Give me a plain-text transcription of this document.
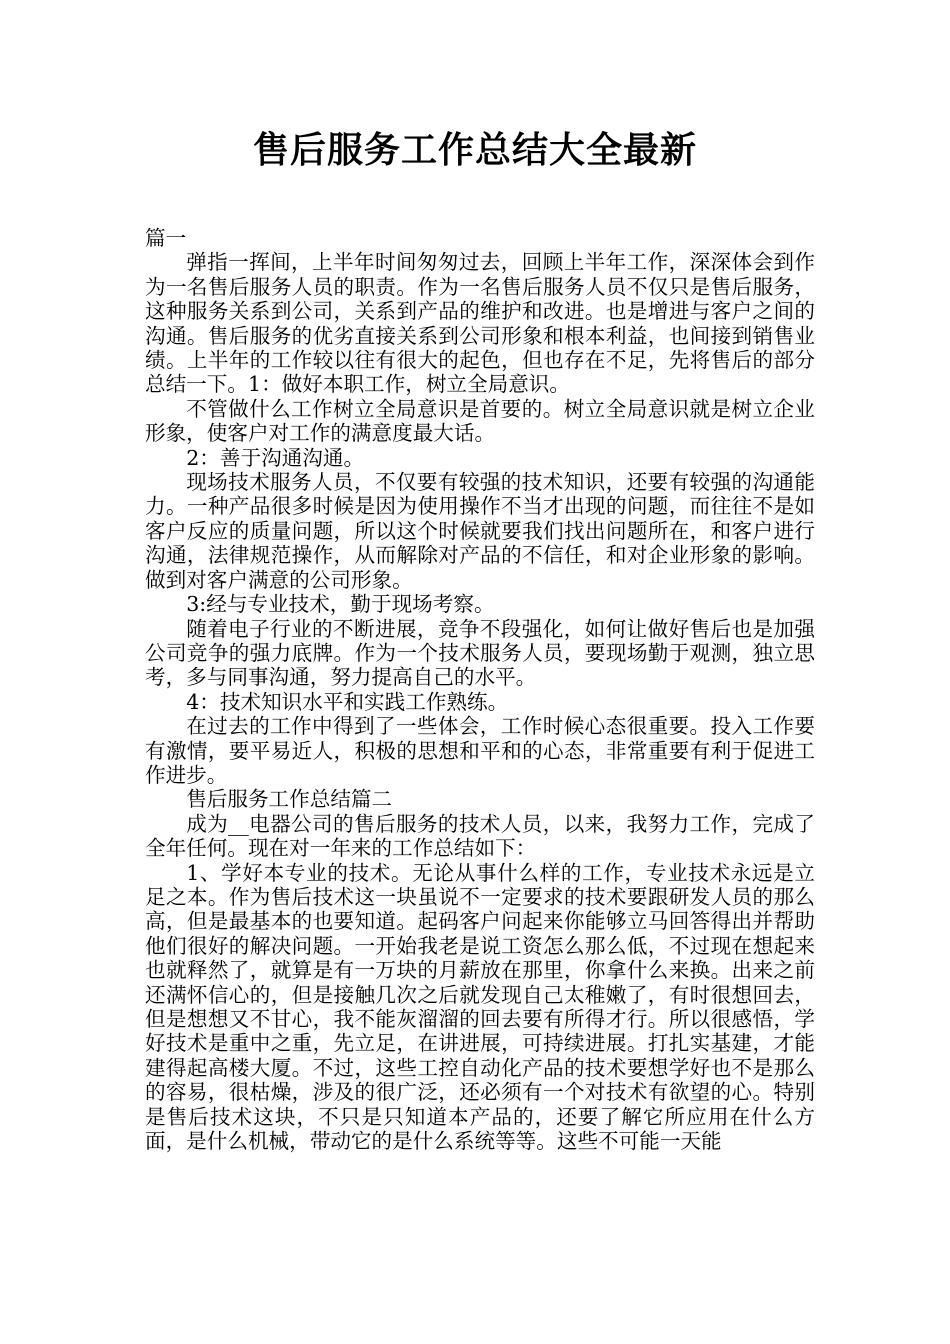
售后服务工作总结大全最新

篇一

弹指一挥间，上半年时间匆匆过去，回顾上半年工作，深深体会到作为一名售后服务人员的职责。作为一名售后服务人员不仅只是售后服务，这种服务关系到公司，关系到产品的维护和改进。也是增进与客户之间的沟通。售后服务的优劣直接关系到公司形象和根本利益，也间接到销售业绩。上半年的工作较以往有很大的起色，但也存在不足，先将售后的部分总结一下。1：做好本职工作，树立全局意识。

不管做什么工作树立全局意识是首要的。树立全局意识就是树立企业形象，使客户对工作的满意度最大话。

2：善于沟通沟通。

现场技术服务人员，不仅要有较强的技术知识，还要有较强的沟通能力。一种产品很多时候是因为使用操作不当才出现的问题，而往往不是如客户反应的质量问题，所以这个时候就要我们找出问题所在，和客户进行沟通，法律规范操作，从而解除对产品的不信任，和对企业形象的影响。做到对客户满意的公司形象。

3:经与专业技术，勤于现场考察。

随着电子行业的不断进展，竞争不段强化，如何让做好售后也是加强公司竞争的强力底牌。作为一个技术服务人员，要现场勤于观测，独立思考，多与同事沟通，努力提高自己的水平。

4：技术知识水平和实践工作熟练。

在过去的工作中得到了一些体会，工作时候心态很重要。投入工作要有激情，要平易近人，积极的思想和平和的心态，非常重要有利于促进工作进步。

售后服务工作总结篇二

成为__电器公司的售后服务的技术人员，以来，我努力工作，完成了全年任何。现在对一年来的工作总结如下：

1、学好本专业的技术。无论从事什么样的工作，专业技术永远是立足之本。作为售后技术这一块虽说不一定要求的技术要跟研发人员的那么高，但是最基本的也要知道。起码客户问起来你能够立马回答得出并帮助他们很好的解决问题。一开始我老是说工资怎么那么低，不过现在想起来也就释然了，就算是有一万块的月薪放在那里，你拿什么来换。出来之前还满怀信心的，但是接触几次之后就发现自己太稚嫩了，有时很想回去，但是想想又不甘心，我不能灰溜溜的回去要有所得才行。所以很感悟，学好技术是重中之重，先立足，在讲进展，可持续进展。打扎实基建，才能建得起高楼大厦。不过，这些工控自动化产品的技术要想学好也不是那么的容易，很枯燥，涉及的很广泛，还必须有一个对技术有欲望的心。特别是售后技术这块，不只是只知道本产品的，还要了解它所应用在什么方面，是什么机械，带动它的是什么系统等等。这些不可能一天能
